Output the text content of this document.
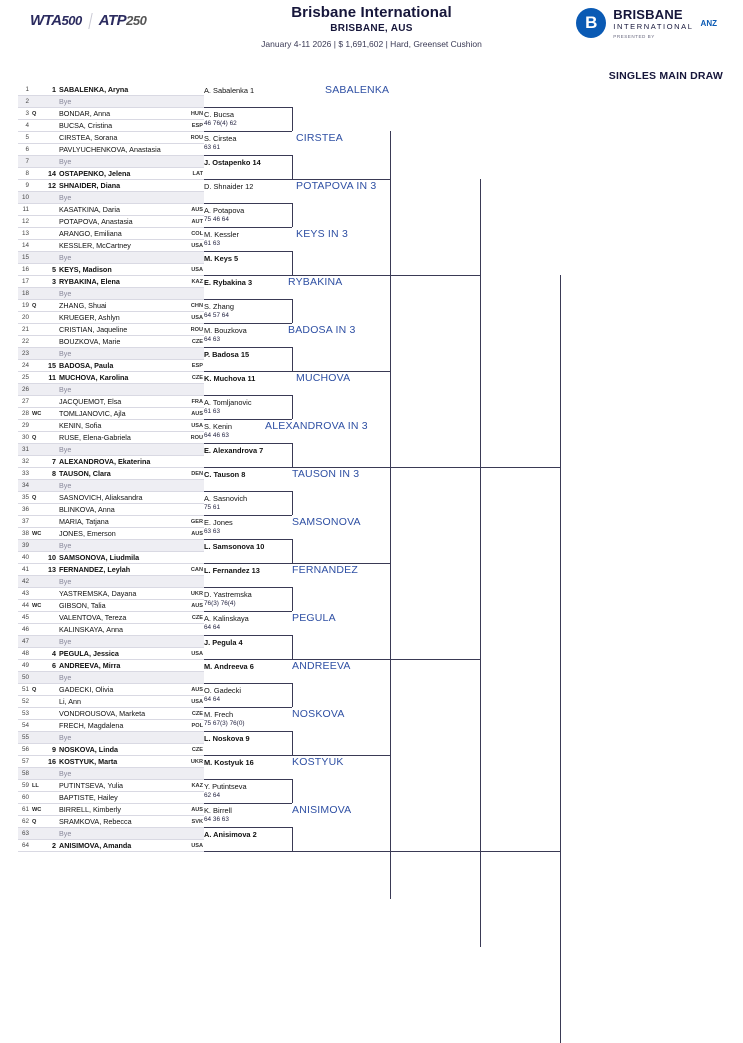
WTA500 ATP250	Brisbane International
BRISBANE, AUS
January 4-11 2026 | $ 1,691,602 | Hard, Greenset Cushion
B	BRISBANE
INTERNATIONAL
PRESENTED BY
ANZ
SINGLES MAIN DRAW
1	1 SABALENKA, Aryna
2	Bye
3 Q	BONDAR, Anna	HUN
4	BUCSA, Cristina	ESP
5	CIRSTEA, Sorana	ROU
6	PAVLYUCHENKOVA, Anastasia
7	Bye
8	14 OSTAPENKO, Jelena	LAT
9	12 SHNAIDER, Diana
10	Bye
11	KASATKINA, Daria	AUS
12	POTAPOVA, Anastasia	AUT
13	ARANGO, Emiliana	COL
14	KESSLER, McCartney	USA
15	Bye
16	5 KEYS, Madison	USA
17	3 RYBAKINA, Elena	KAZ
18	Bye
19 Q	ZHANG, Shuai	CHN
20	KRUEGER, Ashlyn	USA
21	CRISTIAN, Jaqueline	ROU
22	BOUZKOVA, Marie	CZE
23	Bye
24	15 BADOSA, Paula	ESP
25	11 MUCHOVA, Karolina	CZE
26	Bye
27	JACQUEMOT, Elsa	FRA
28 WC	TOMLJANOVIC, Ajla	AUS
29	KENIN, Sofia	USA
30 Q	RUSE, Elena-Gabriela	ROU
31	Bye
32	7 ALEXANDROVA, Ekaterina
33	8 TAUSON, Clara	DEN
34	Bye
35 Q	SASNOVICH, Aliaksandra
36	BLINKOVA, Anna
37	MARIA, Tatjana	GER
38 WC	JONES, Emerson	AUS
39	Bye
40	10 SAMSONOVA, Liudmila
41	13 FERNANDEZ, Leylah	CAN
42	Bye
43	YASTREMSKA, Dayana	UKR
44 WC	GIBSON, Talia	AUS
45	VALENTOVA, Tereza	CZE
46	KALINSKAYA, Anna
47	Bye
48	4 PEGULA, Jessica	USA
49	6 ANDREEVA, Mirra
50	Bye
51 Q	GADECKI, Olivia	AUS
52	Li, Ann	USA
53	VONDROUSOVA, Marketa	CZE
54	FRECH, Magdalena	POL
55	Bye
56	9 NOSKOVA, Linda	CZE
57	16 KOSTYUK, Marta	UKR
58	Bye
59 LL	PUTINTSEVA, Yulia	KAZ
60	BAPTISTE, Hailey
61 WC	BIRRELL, Kimberly	AUS
62 Q	SRAMKOVA, Rebecca	SVK
63	Bye
64	2 ANISIMOVA, Amanda	USA
A. Sabalenka 1
C. Bucsa
46 76(4) 62
S. Cirstea
63 61
J. Ostapenko 14
D. Shnaider 12
A. Potapova
75 46 64
M. Kessler
61 63
M. Keys 5
E. Rybakina 3
S. Zhang
64 57 64
M. Bouzkova
64 63
P. Badosa 15
K. Muchova 11
A. Tomljanovic
61 63
S. Kenin
64 46 63
E. Alexandrova 7
C. Tauson 8
A. Sasnovich
75 61
E. Jones
63 63
L. Samsonova 10
L. Fernandez 13
D. Yastremska
76(3) 76(4)
A. Kalinskaya
64 64
J. Pegula 4
M. Andreeva 6
O. Gadecki
64 64
M. Frech
75 67(3) 76(0)
L. Noskova 9
M. Kostyuk 16
Y. Putintseva
62 64
K. Birrell
64 36 63
A. Anisimova 2
SABALENKA
CIRSTEA
POTAPOVA IN 3
KEYS IN 3
RYBAKINA
BADOSA IN 3
MUCHOVA
ALEXANDROVA IN 3
TAUSON IN 3
SAMSONOVA
FERNANDEZ
PEGULA
ANDREEVA
NOSKOVA
KOSTYUK
ANISIMOVA
